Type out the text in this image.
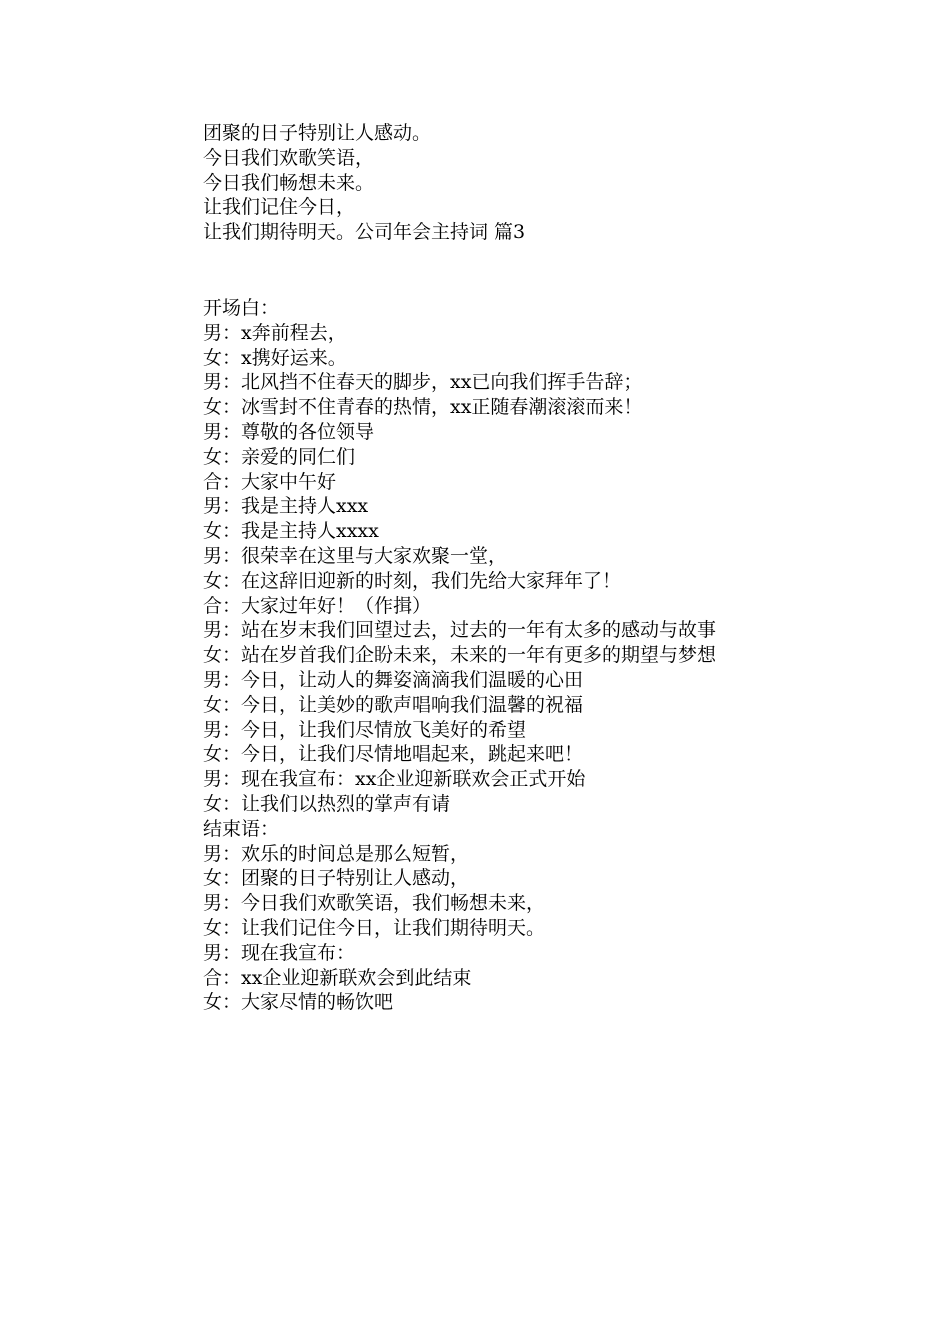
团聚的日子特别让人感动。
今日我们欢歌笑语，
今日我们畅想未来。
让我们记住今日，
让我们期待明天。公司年会主持词 篇3
开场白：
男：x奔前程去，
女：x携好运来。
男：北风挡不住春天的脚步，xx已向我们挥手告辞；
女：冰雪封不住青春的热情，xx正随春潮滚滚而来！
男：尊敬的各位领导
女：亲爱的同仁们
合：大家中午好
男：我是主持人xxx
女：我是主持人xxxx
男：很荣幸在这里与大家欢聚一堂，
女：在这辞旧迎新的时刻，我们先给大家拜年了！
合：大家过年好！（作揖）
男：站在岁末我们回望过去，过去的一年有太多的感动与故事
女：站在岁首我们企盼未来，未来的一年有更多的期望与梦想
男：今日，让动人的舞姿滴滴我们温暖的心田
女：今日，让美妙的歌声唱响我们温馨的祝福
男：今日，让我们尽情放飞美好的希望
女：今日，让我们尽情地唱起来，跳起来吧！
男：现在我宣布：xx企业迎新联欢会正式开始
女：让我们以热烈的掌声有请
结束语：
男：欢乐的时间总是那么短暂，
女：团聚的日子特别让人感动，
男：今日我们欢歌笑语，我们畅想未来，
女：让我们记住今日，让我们期待明天。
男：现在我宣布：
合：xx企业迎新联欢会到此结束
女：大家尽情的畅饮吧
